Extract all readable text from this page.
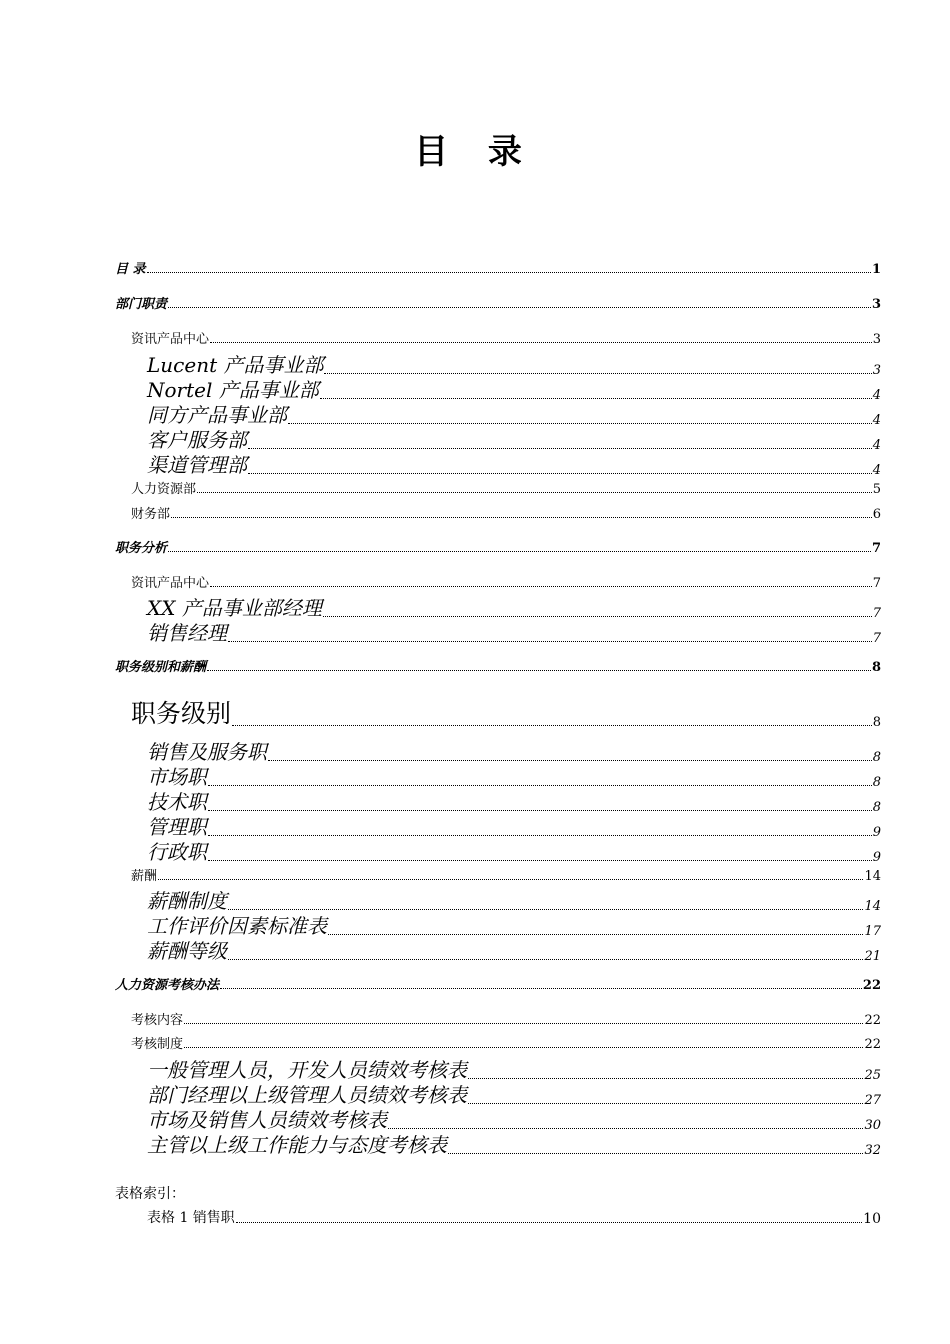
目 录
目 录	1
部门职责	3
资讯产品中心	3
Lucent 产品事业部	3
Nortel 产品事业部	4
同方产品事业部	4
客户服务部	4
渠道管理部	4
人力资源部	5
财务部	6
职务分析	7
资讯产品中心	7
XX 产品事业部经理	7
销售经理	7
职务级别和薪酬	8
职务级别	8
销售及服务职	8
市场职	8
技术职	8
管理职	9
行政职	9
薪酬	14
薪酬制度	14
工作评价因素标准表	17
薪酬等级	21
人力资源考核办法	22
考核内容	22
考核制度	22
一般管理人员，开发人员绩效考核表	25
部门经理以上级管理人员绩效考核表	27
市场及销售人员绩效考核表	30
主管以上级工作能力与态度考核表	32
表格索引：
表格 1 销售职	10
